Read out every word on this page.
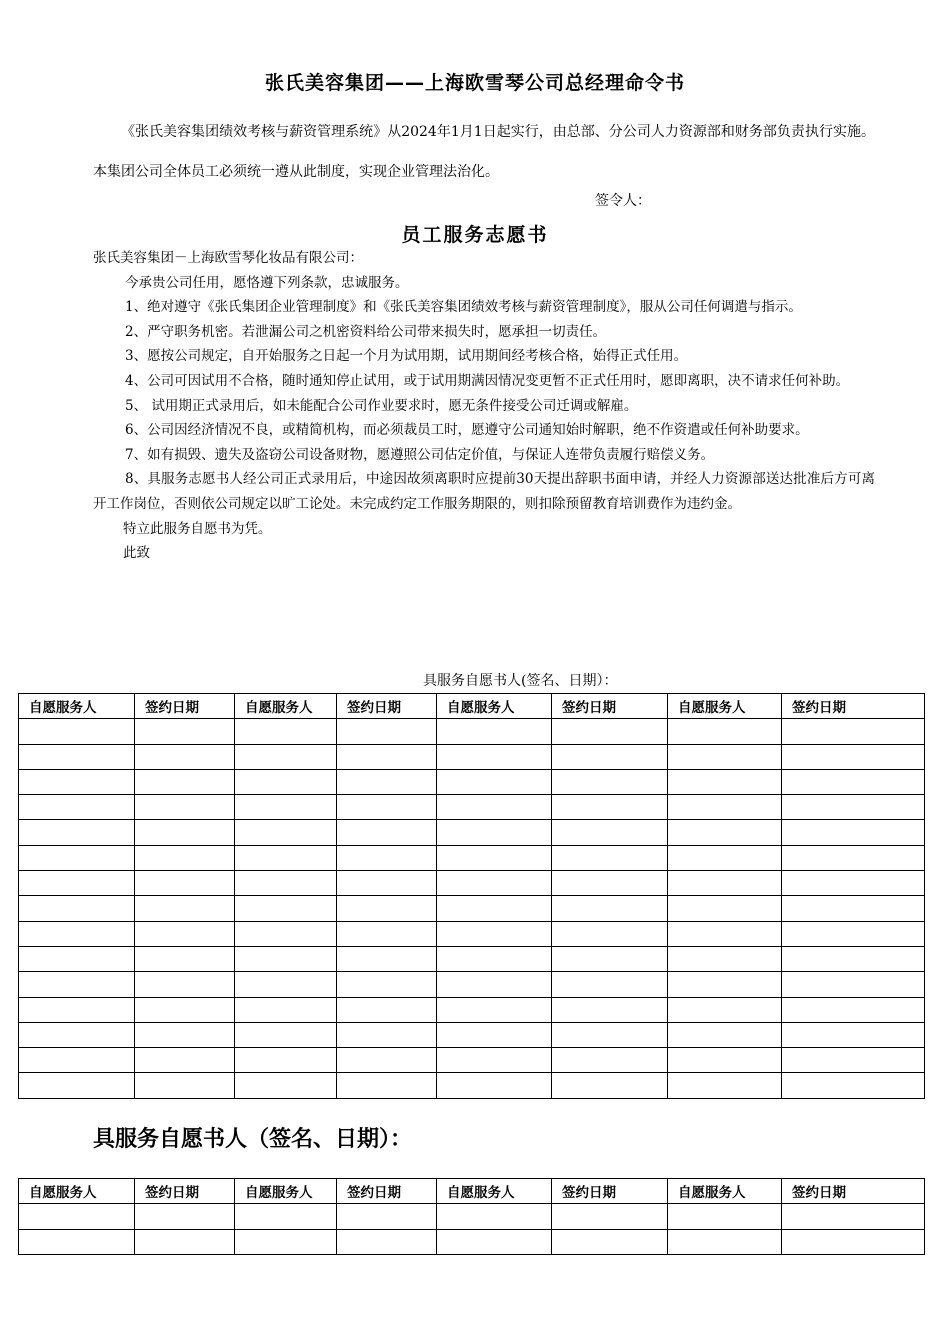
张氏美容集团——上海欧雪琴公司总经理命令书
《张氏美容集团绩效考核与薪资管理系统》从2024年1月1日起实行，由总部、分公司人力资源部和财务部负责执行实施。本集团公司全体员工必须统一遵从此制度，实现企业管理法治化。
签令人：
员工服务志愿书

张氏美容集团－上海欧雪琴化妆品有限公司：

今承贵公司任用，愿恪遵下列条款，忠诚服务。

1、绝对遵守《张氏集团企业管理制度》和《张氏美容集团绩效考核与薪资管理制度》，服从公司任何调遣与指示。

2、严守职务机密。若泄漏公司之机密资料给公司带来损失时，愿承担一切责任。

3、愿按公司规定，自开始服务之日起一个月为试用期，试用期间经考核合格，始得正式任用。

4、公司可因试用不合格，随时通知停止试用，或于试用期满因情况变更暂不正式任用时，愿即离职，决不请求任何补助。

5、 试用期正式录用后，如未能配合公司作业要求时，愿无条件接受公司迁调或解雇。

6、公司因经济情况不良，或精简机构，而必须裁员工时，愿遵守公司通知始时解职，绝不作资遣或任何补助要求。

7、如有损毁、遗失及盗窃公司设备财物，愿遵照公司估定价值，与保证人连带负责履行赔偿义务。

8、具服务志愿书人经公司正式录用后，中途因故须离职时应提前30天提出辞职书面申请，并经人力资源部送达批准后方可离开工作岗位，否则依公司规定以旷工论处。未完成约定工作服务期限的，则扣除预留教育培训费作为违约金。

特立此服务自愿书为凭。

此致

具服务自愿书人(签名、日期）：
自愿服务人	签约日期	自愿服务人	签约日期	自愿服务人	签约日期	自愿服务人	签约日期

具服务自愿书人（签名、日期）：
自愿服务人	签约日期	自愿服务人	签约日期	自愿服务人	签约日期	自愿服务人	签约日期
